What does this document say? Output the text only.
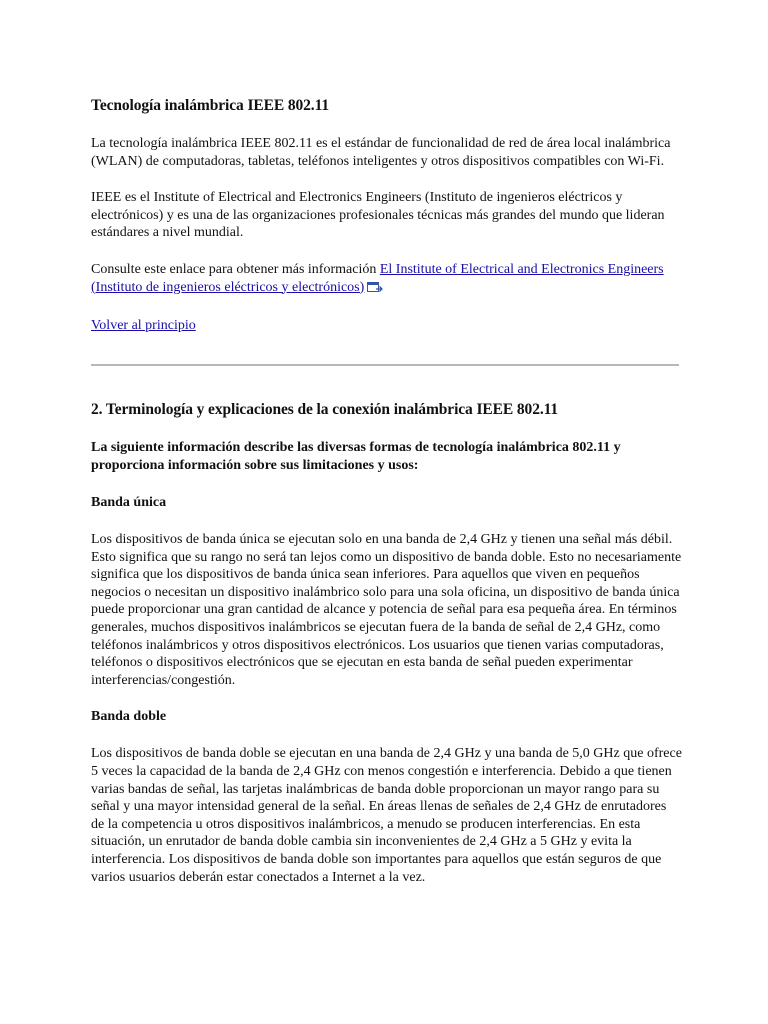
Tecnología inalámbrica IEEE 802.11

La tecnología inalámbrica IEEE 802.11 es el estándar de funcionalidad de red de área local inalámbrica (WLAN) de computadoras, tabletas, teléfonos inteligentes y otros dispositivos compatibles con Wi-Fi.

IEEE es el Institute of Electrical and Electronics Engineers (Instituto de ingenieros eléctricos y electrónicos) y es una de las organizaciones profesionales técnicas más grandes del mundo que lideran estándares a nivel mundial.

Consulte este enlace para obtener más información El Institute of Electrical and Electronics Engineers (Instituto de ingenieros eléctricos y electrónicos)

Volver al principio

2. Terminología y explicaciones de la conexión inalámbrica IEEE 802.11

La siguiente información describe las diversas formas de tecnología inalámbrica 802.11 y proporciona información sobre sus limitaciones y usos:

Banda única

Los dispositivos de banda única se ejecutan solo en una banda de 2,4 GHz y tienen una señal más débil. Esto significa que su rango no será tan lejos como un dispositivo de banda doble. Esto no necesariamente significa que los dispositivos de banda única sean inferiores. Para aquellos que viven en pequeños negocios o necesitan un dispositivo inalámbrico solo para una sola oficina, un dispositivo de banda única puede proporcionar una gran cantidad de alcance y potencia de señal para esa pequeña área. En términos generales, muchos dispositivos inalámbricos se ejecutan fuera de la banda de señal de 2,4 GHz, como teléfonos inalámbricos y otros dispositivos electrónicos. Los usuarios que tienen varias computadoras, teléfonos o dispositivos electrónicos que se ejecutan en esta banda de señal pueden experimentar interferencias/congestión.

Banda doble

Los dispositivos de banda doble se ejecutan en una banda de 2,4 GHz y una banda de 5,0 GHz que ofrece 5 veces la capacidad de la banda de 2,4 GHz con menos congestión e interferencia. Debido a que tienen varias bandas de señal, las tarjetas inalámbricas de banda doble proporcionan un mayor rango para su señal y una mayor intensidad general de la señal. En áreas llenas de señales de 2,4 GHz de enrutadores de la competencia u otros dispositivos inalámbricos, a menudo se producen interferencias. En esta situación, un enrutador de banda doble cambia sin inconvenientes de 2,4 GHz a 5 GHz y evita la interferencia. Los dispositivos de banda doble son importantes para aquellos que están seguros de que varios usuarios deberán estar conectados a Internet a la vez.
